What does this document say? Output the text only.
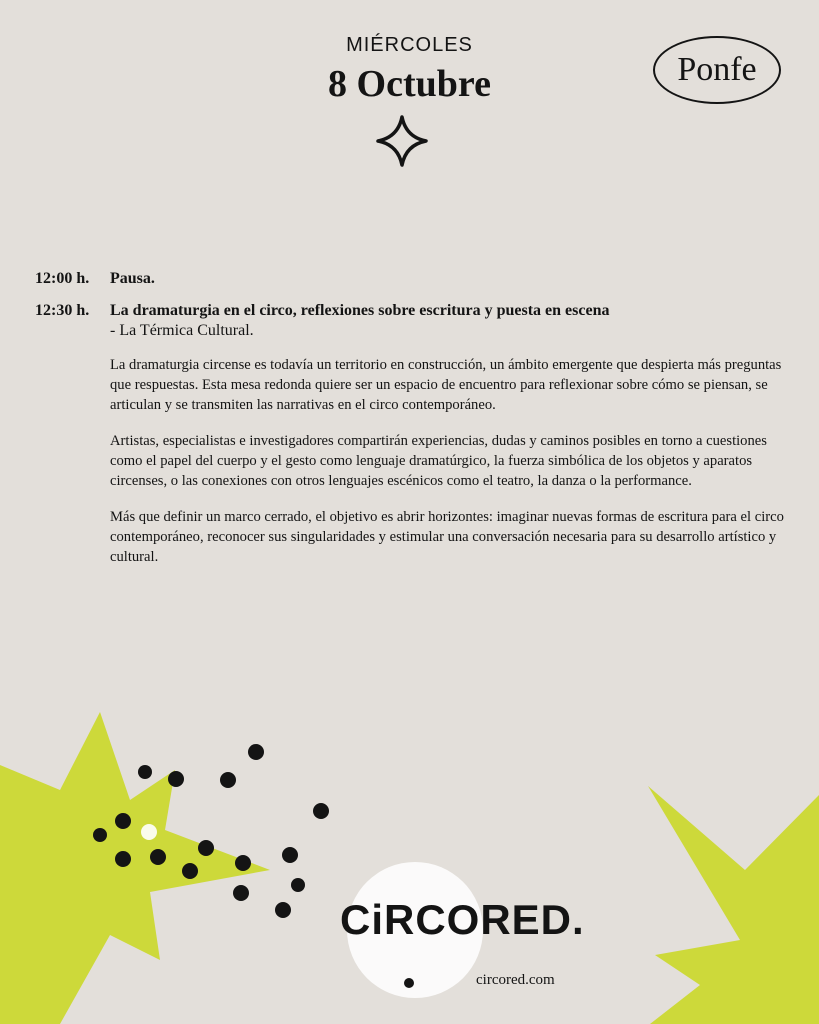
MIÉRCOLES
8 Octubre	Ponfe
12:00 h. Pausa.
12:30 h. La dramaturgia en el circo, reflexiones sobre escritura y puesta en escena
- La Térmica Cultural.

La dramaturgia circense es todavía un territorio en construcción, un ámbito emergente que despierta más preguntas que respuestas. Esta mesa redonda quiere ser un espacio de encuentro para reflexionar sobre cómo se piensan, se articulan y se transmiten las narrativas en el circo contemporáneo.

Artistas, especialistas e investigadores compartirán experiencias, dudas y caminos posibles en torno a cuestiones como el papel del cuerpo y el gesto como lenguaje dramatúrgico, la fuerza simbólica de los objetos y aparatos circenses, o las conexiones con otros lenguajes escénicos como el teatro, la danza o la performance.

Más que definir un marco cerrado, el objetivo es abrir horizontes: imaginar nuevas formas de escritura para el circo contemporáneo, reconocer sus singularidades y estimular una conversación necesaria para su desarrollo artístico y cultural.

CiRCORED.
circored.com
